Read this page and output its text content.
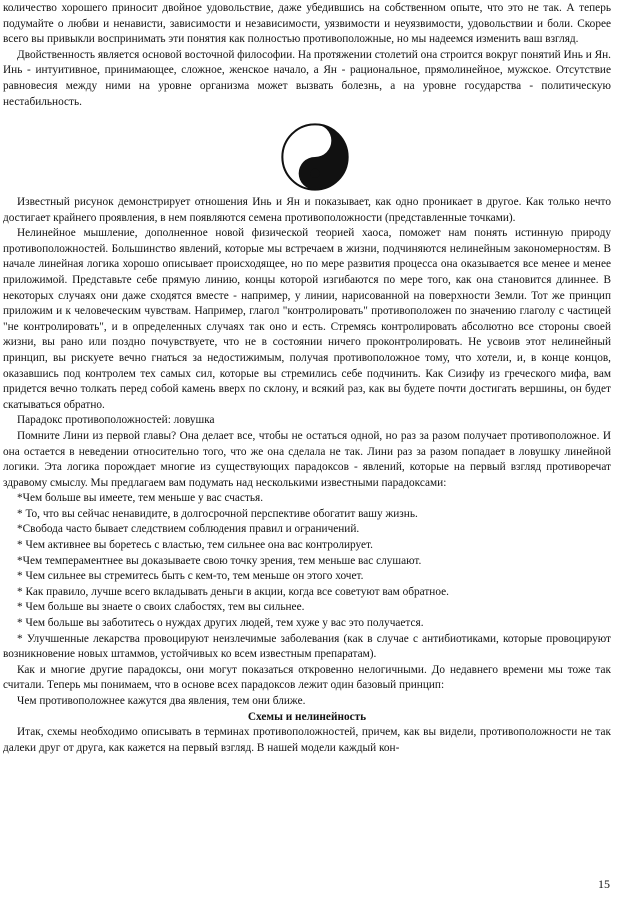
количество хорошего приносит двойное удовольствие, даже убедившись на собственном опыте, что это не так. А теперь подумайте о любви и ненависти, зависимости и независимости, уязвимости и неуязвимости, удовольствии и боли. Скорее всего вы привыкли воспринимать эти понятия как полностью противоположные, но мы надеемся изменить ваш взгляд.

Двойственность является основой восточной философии. На протяжении столетий она строится вокруг понятий Инь и Ян. Инь - интуитивное, принимающее, сложное, женское начало, а Ян - рациональное, прямолинейное, мужское. Отсутствие равновесия между ними на уровне организма может вызвать болезнь, а на уровне государства - политическую нестабильность.

Известный рисунок демонстрирует отношения Инь и Ян и показывает, как одно проникает в другое. Как только нечто достигает крайнего проявления, в нем появляются семена противоположности (представленные точками).

Нелинейное мышление, дополненное новой физической теорией хаоса, поможет нам понять истинную природу противоположностей. Большинство явлений, которые мы встречаем в жизни, подчиняются нелинейным закономерностям. В начале линейная логика хорошо описывает происходящее, но по мере развития процесса она оказывается все менее и менее приложимой. Представьте себе прямую линию, концы которой изгибаются по мере того, как она становится длиннее. В некоторых случаях они даже сходятся вместе - например, у линии, нарисованной на поверхности Земли. Тот же принцип приложим и к человеческим чувствам. Например, глагол "контролировать" противоположен по значению глаголу с частицей "не контролировать", и в определенных случаях так оно и есть. Стремясь контролировать абсолютно все стороны своей жизни, вы рано или поздно почувствуете, что не в состоянии ничего проконтролировать. Не усвоив этот нелинейный принцип, вы рискуете вечно гнаться за недостижимым, получая противоположное тому, что хотели, и, в конце концов, оказавшись под контролем тех самых сил, которые вы стремились себе подчинить. Как Сизифу из греческого мифа, вам придется вечно толкать перед собой камень вверх по склону, и всякий раз, как вы будете почти достигать вершины, он будет скатываться обратно.

Парадокс противоположностей: ловушка

Помните Лини из первой главы? Она делает все, чтобы не остаться одной, но раз за разом получает противоположное. И она остается в неведении относительно того, что же она сделала не так. Лини раз за разом попадает в ловушку линейной логики. Эта логика порождает многие из существующих парадоксов - явлений, которые на первый взгляд противоречат здравому смыслу. Мы предлагаем вам подумать над несколькими известными парадоксами:

*Чем больше вы имеете, тем меньше у вас счастья.

* То, что вы сейчас ненавидите, в долгосрочной перспективе обогатит вашу жизнь.

*Свобода часто бывает следствием соблюдения правил и ограничений.

* Чем активнее вы боретесь с властью, тем сильнее она вас контролирует.

*Чем темпераментнее вы доказываете свою точку зрения, тем меньше вас слушают.

* Чем сильнее вы стремитесь быть с кем-то, тем меньше он этого хочет.

* Как правило, лучше всего вкладывать деньги в акции, когда все советуют вам обратное.

* Чем больше вы знаете о своих слабостях, тем вы сильнее.

* Чем больше вы заботитесь о нуждах других людей, тем хуже у вас это получается.

* Улучшенные лекарства провоцируют неизлечимые заболевания (как в случае с антибиотиками, которые провоцируют возникновение новых штаммов, устойчивых ко всем известным препаратам).

Как и многие другие парадоксы, они могут показаться откровенно нелогичными. До недавнего времени мы тоже так считали. Теперь мы понимаем, что в основе всех парадоксов лежит один базовый принцип:

Чем противоположнее кажутся два явления, тем они ближе.

Схемы и нелинейность

Итак, схемы необходимо описывать в терминах противоположностей, причем, как вы видели, противоположности не так далеки друг от друга, как кажется на первый взгляд. В нашей модели каждый кон-

15
